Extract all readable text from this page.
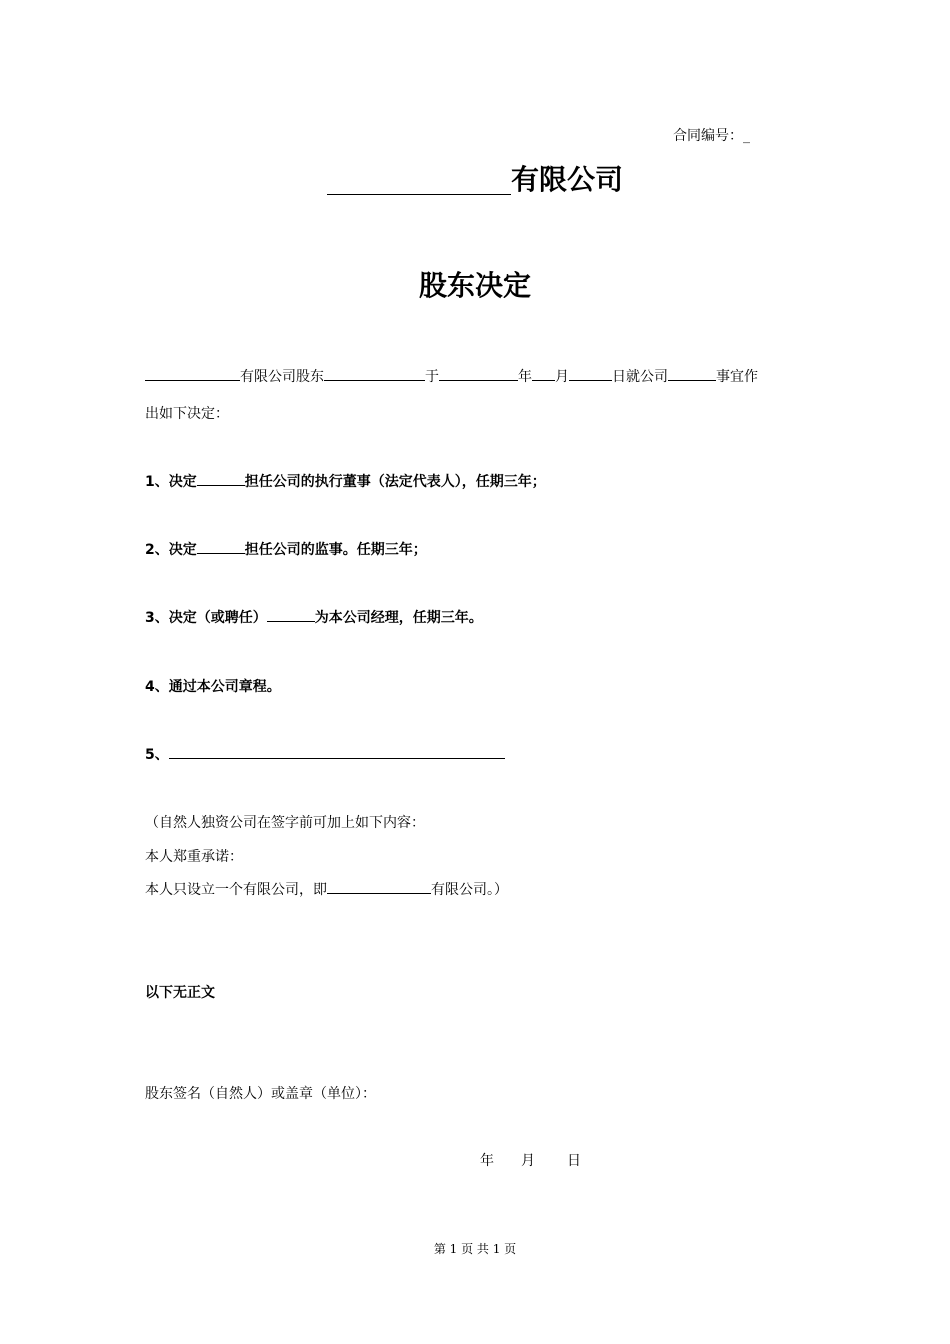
合同编号：_
有限公司
股东决定
有限公司股东	于	年 月	日就公司	事宜作
出如下决定：
1、决定	担任公司的执行董事（法定代表人），任期三年；
2、决定	担任公司的监事。任期三年；
3、决定（或聘任）	为本公司经理，任期三年。
4、通过本公司章程。
5、
（自然人独资公司在签字前可加上如下内容：
本人郑重承诺：
本人只设立一个有限公司，即	有限公司。）
以下无正文
股东签名（自然人）或盖章（单位）：
年 月 日
第 1 页 共 1 页
